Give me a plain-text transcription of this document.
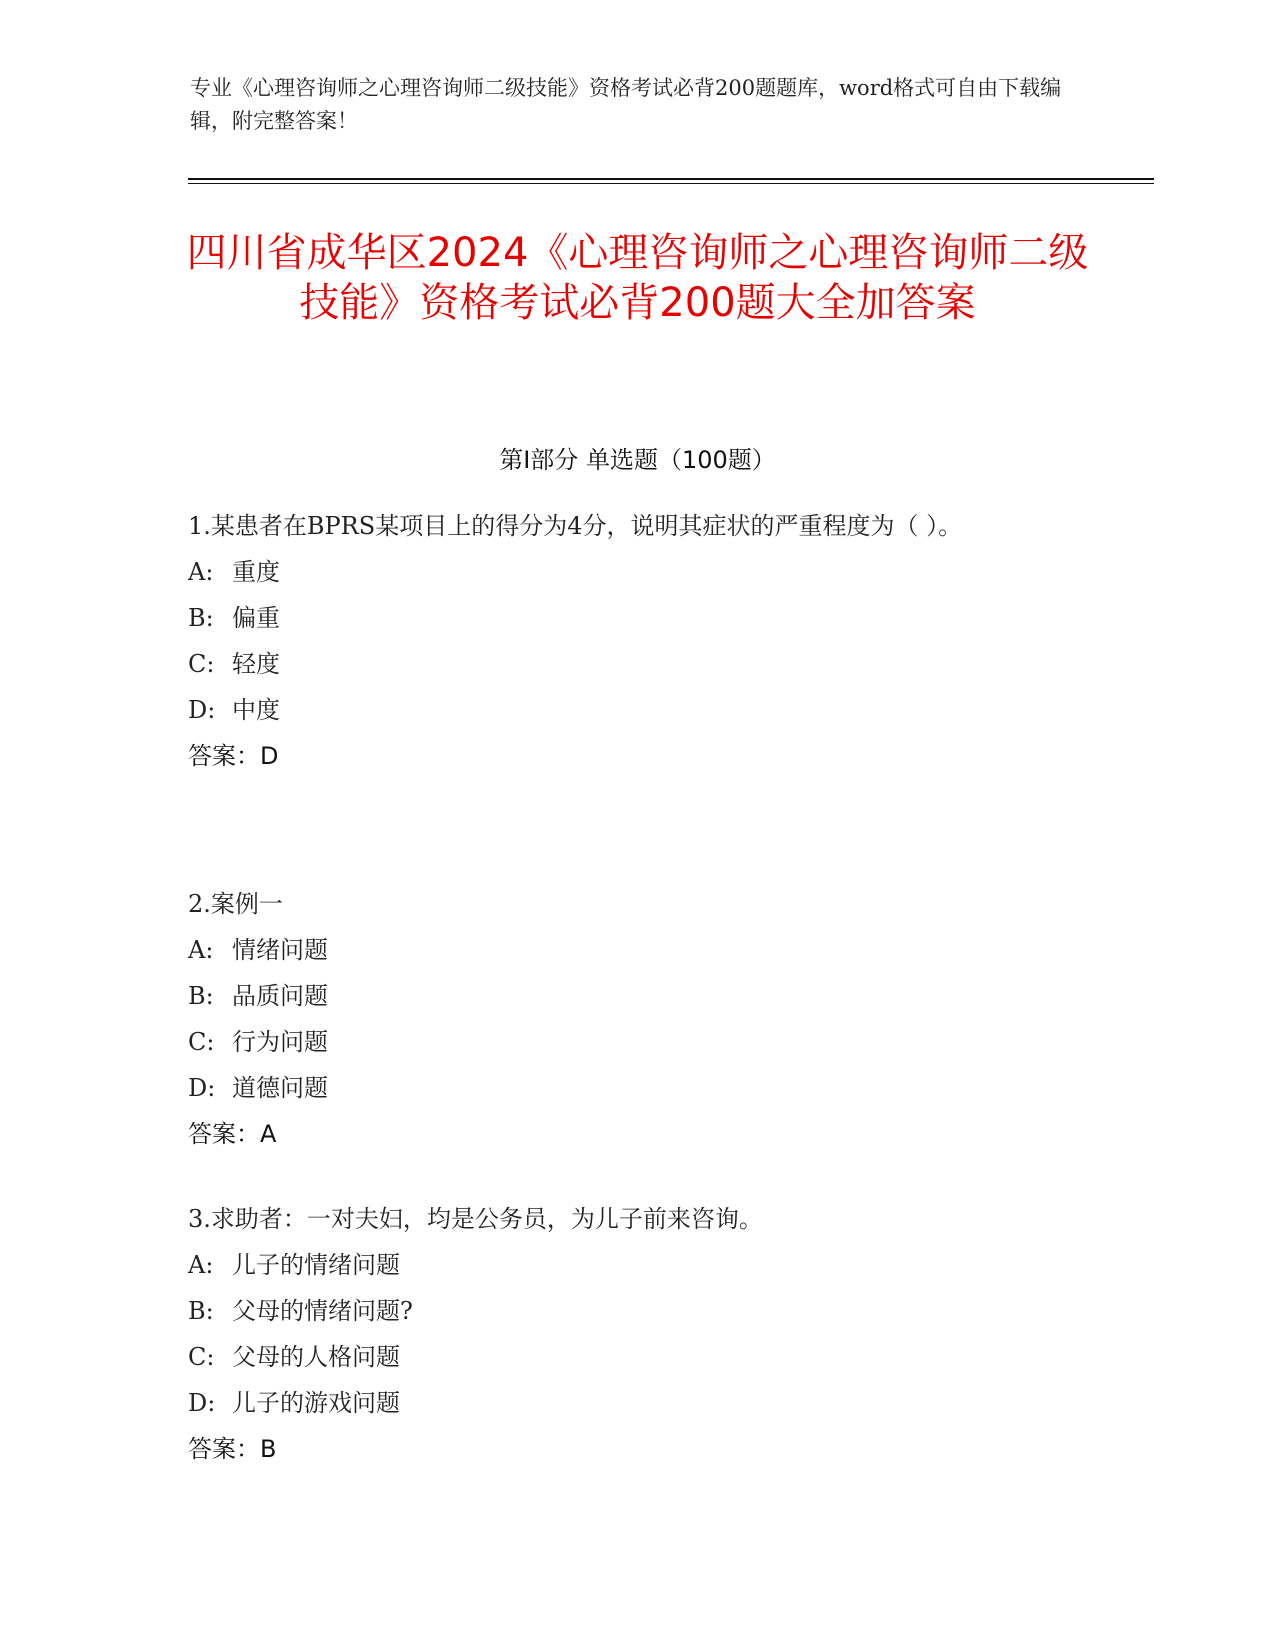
专业《心理咨询师之心理咨询师二级技能》资格考试必背200题题库，word格式可自由下载编辑，附完整答案！
四川省成华区2024《心理咨询师之心理咨询师二级技能》资格考试必背200题大全加答案
第I部分 单选题（100题）

1.某患者在BPRS某项目上的得分为4分，说明其症状的严重程度为（ ）。

A: 重度

B: 偏重

C: 轻度

D: 中度

答案：D

2.案例一

A: 情绪问题

B: 品质问题

C: 行为问题

D: 道德问题

答案：A

3.求助者：一对夫妇，均是公务员，为儿子前来咨询。

A: 儿子的情绪问题

B: 父母的情绪问题?

C: 父母的人格问题

D: 儿子的游戏问题

答案：B
